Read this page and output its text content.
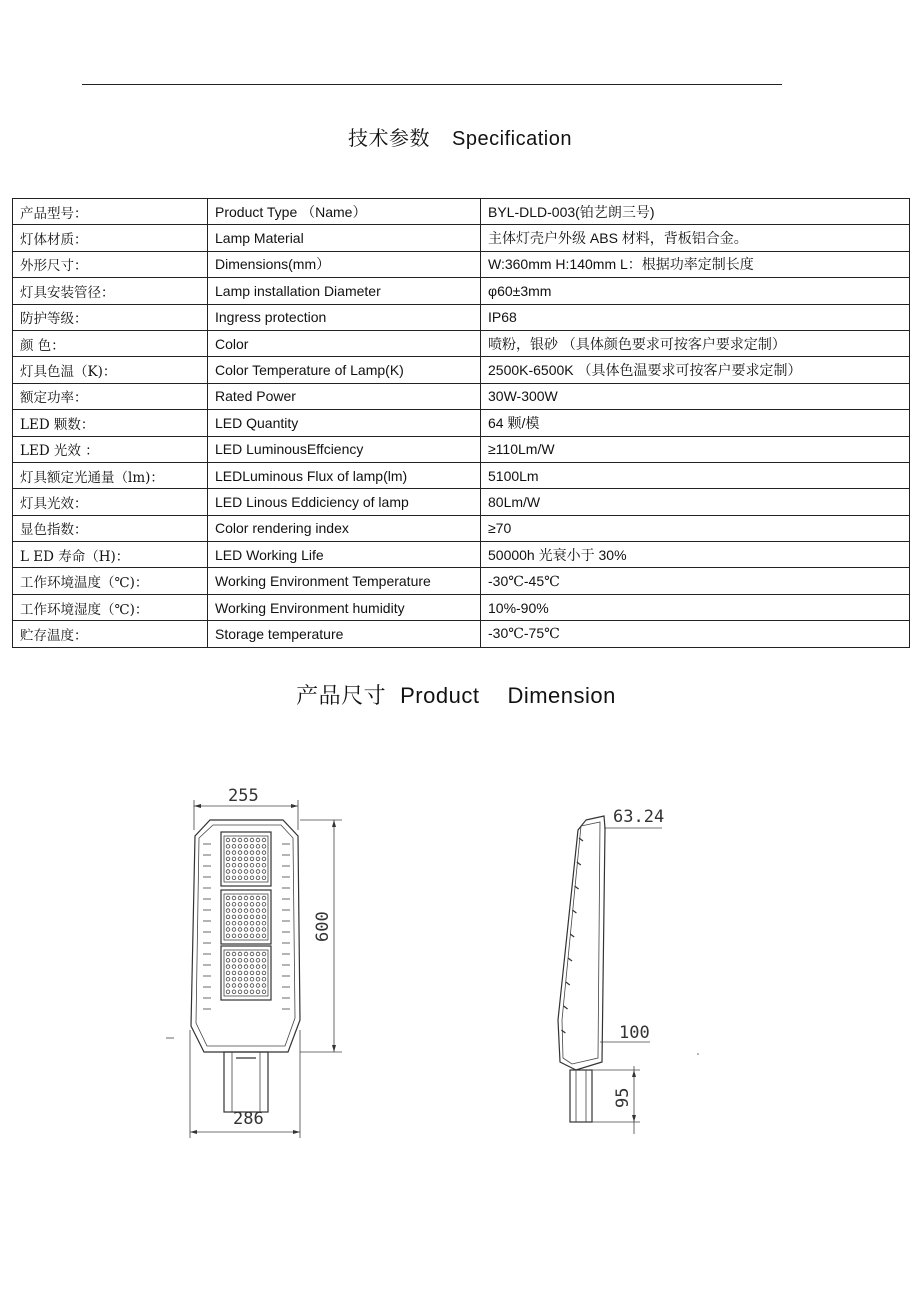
技术参数 Specification
产品型号：	Product Type （Name）	BYL-DLD-003(铂艺朗三号)
灯体材质：	Lamp Material	主体灯壳户外级 ABS 材料，背板铝合金。
外形尺寸：	Dimensions(mm）	W:360mm H:140mm L：根据功率定制长度
灯具安装管径：	Lamp installation Diameter	φ60±3mm
防护等级：	Ingress protection	IP68
颜 色：	Color	喷粉，银砂 （具体颜色要求可按客户要求定制）
灯具色温（K)：	Color Temperature of Lamp(K)	2500K-6500K （具体色温要求可按客户要求定制）
额定功率：	Rated Power	30W-300W
LED 颗数：	LED Quantity	64 颗/模
LED 光效 ：	LED LuminousEffciency	≥110Lm/W
灯具额定光通量（lm)：	LEDLuminous Flux of lamp(lm)	5100Lm
灯具光效：	LED Linous Eddiciency of lamp	80Lm/W
显色指数：	Color rendering index	≥70
L ED 寿命（H)：	LED Working Life	50000h 光衰小于 30%
工作环境温度（℃)：	Working Environment Temperature	-30℃-45℃
工作环境湿度（℃)：	Working Environment humidity	10%-90%
贮存温度：	Storage temperature	-30℃-75℃
产品尺寸 Product Dimension
255
600
286
63.24
100
95
